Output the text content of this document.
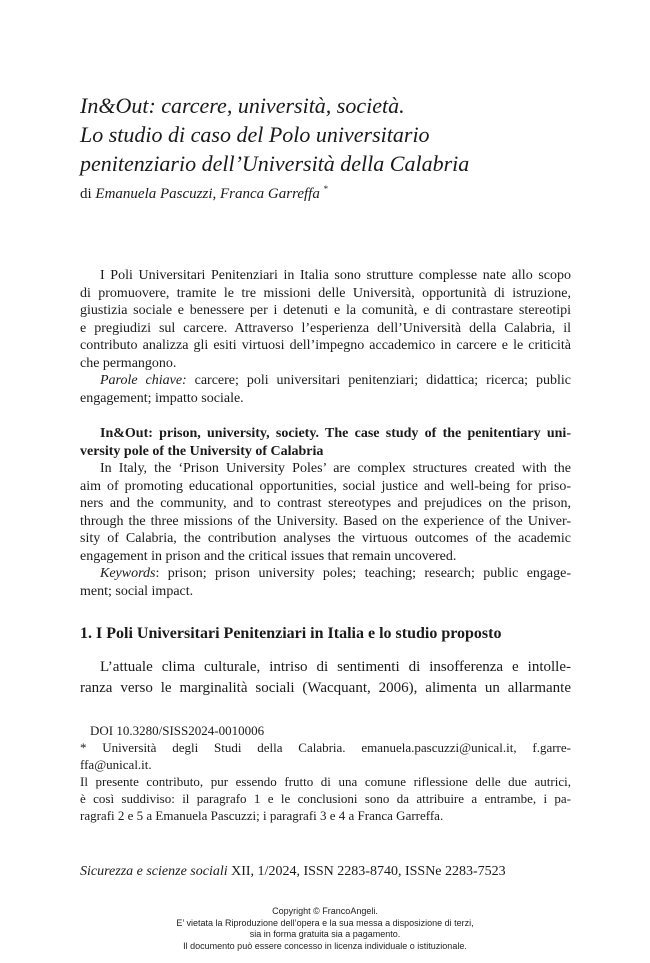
In&Out: carcere, università, società.
Lo studio di caso del Polo universitario
penitenziario dell’Università della Calabria
di Emanuela Pascuzzi, Franca Garreffa *
I Poli Universitari Penitenziari in Italia sono strutture complesse nate allo scopo
di promuovere, tramite le tre missioni delle Università, opportunità di istruzione,
giustizia sociale e benessere per i detenuti e la comunità, e di contrastare stereotipi
e pregiudizi sul carcere. Attraverso l’esperienza dell’Università della Calabria, il
contributo analizza gli esiti virtuosi dell’impegno accademico in carcere e le criticità
che permangono.
Parole chiave: carcere; poli universitari penitenziari; didattica; ricerca; public
engagement; impatto sociale.
In&Out: prison, university, society. The case study of the penitentiary uni-
versity pole of the University of Calabria
In Italy, the ‘Prison University Poles’ are complex structures created with the
aim of promoting educational opportunities, social justice and well-being for priso-
ners and the community, and to contrast stereotypes and prejudices on the prison,
through the three missions of the University. Based on the experience of the Univer-
sity of Calabria, the contribution analyses the virtuous outcomes of the academic
engagement in prison and the critical issues that remain uncovered.
Keywords: prison; prison university poles; teaching; research; public engage-
ment; social impact.
1. I Poli Universitari Penitenziari in Italia e lo studio proposto
L’attuale clima culturale, intriso di sentimenti di insofferenza e intolle-
ranza verso le marginalità sociali (Wacquant, 2006), alimenta un allarmante
DOI 10.3280/SISS2024-0010006
* Università degli Studi della Calabria. emanuela.pascuzzi@unical.it, f.garre-
ffa@unical.it.
Il presente contributo, pur essendo frutto di una comune riflessione delle due autrici,
è così suddiviso: il paragrafo 1 e le conclusioni sono da attribuire a entrambe, i pa-
ragrafi 2 e 5 a Emanuela Pascuzzi; i paragrafi 3 e 4 a Franca Garreffa.
Sicurezza e scienze sociali XII, 1/2024, ISSN 2283-8740, ISSNe 2283-7523
Copyright © FrancoAngeli.
E’ vietata la Riproduzione dell’opera e la sua messa a disposizione di terzi,
sia in forma gratuita sia a pagamento.
Il documento può essere concesso in licenza individuale o istituzionale.
